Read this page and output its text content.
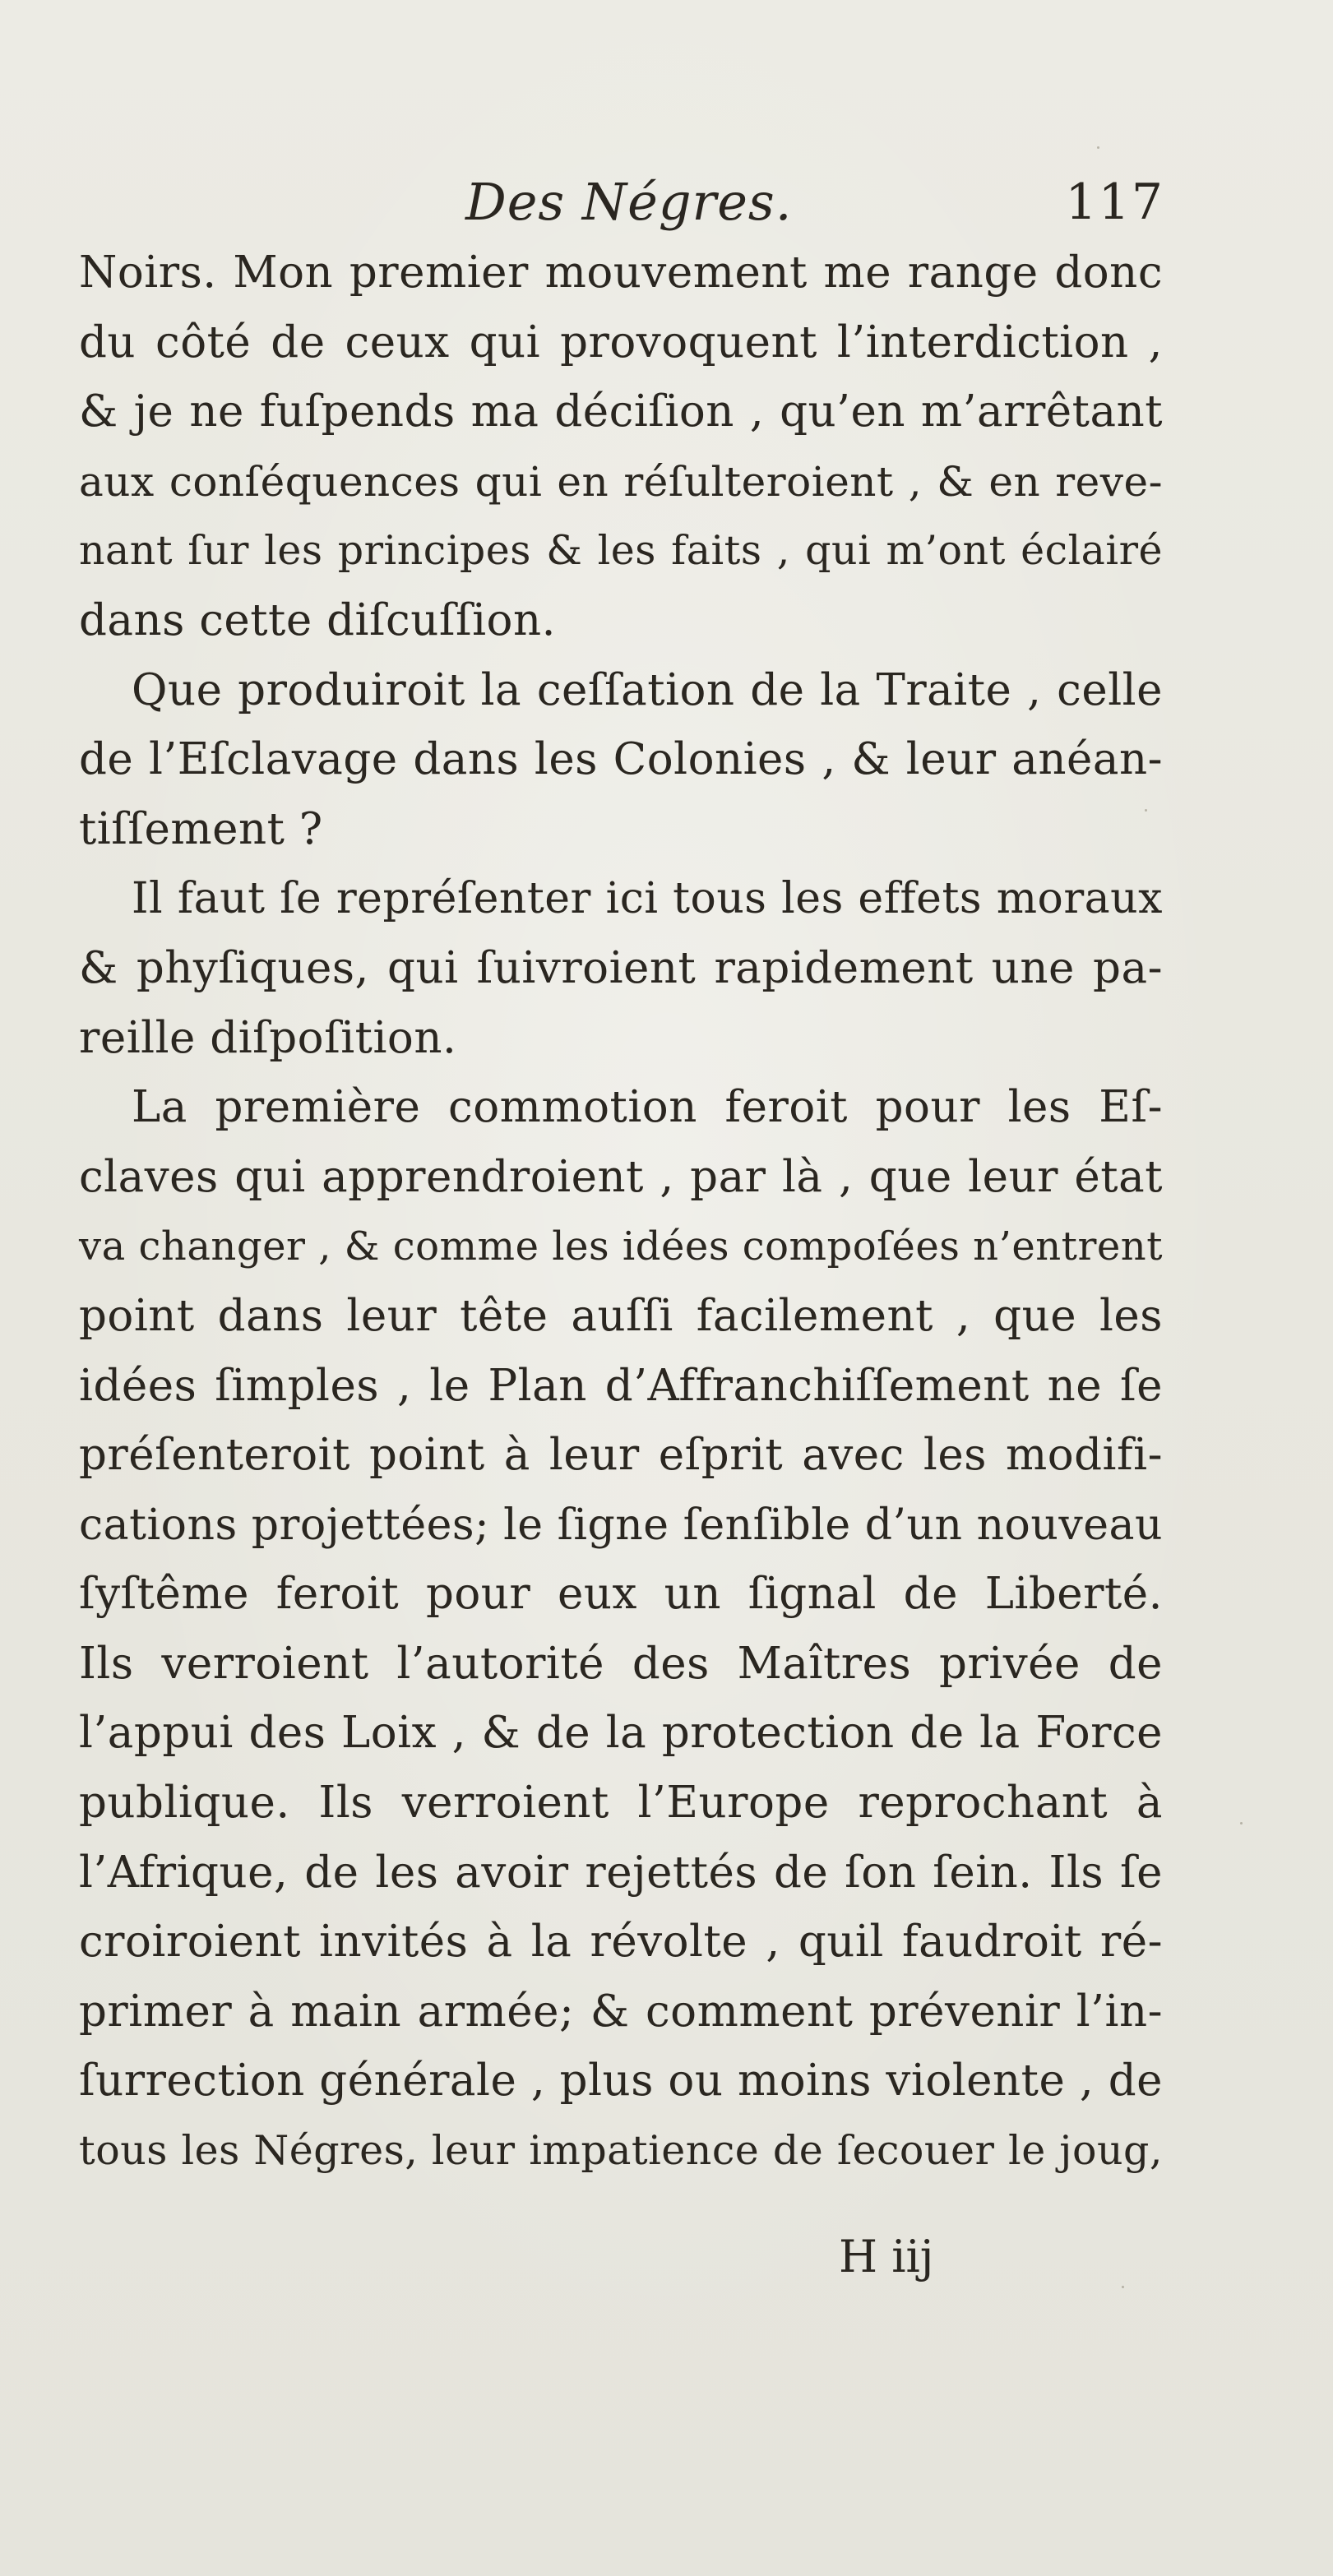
Des Négres.	117
Noirs. Mon premier mouvement me range donc
du côté de ceux qui provoquent l’interdiction ,
& je ne fuſpends ma déciſion , qu’en m’arrêtant
aux conſéquences qui en réſulteroient , & en reve-
nant ſur les principes & les faits , qui m’ont éclairé
dans cette diſcuſſion.
Que produiroit la ceſſation de la Traite , celle
de l’Eſclavage dans les Colonies , & leur anéan-
tiſſement ?
Il faut ſe repréſenter ici tous les effets moraux
& phyſiques, qui ſuivroient rapidement une pa-
reille diſpoſition.
La première commotion feroit pour les Eſ-
claves qui apprendroient , par là , que leur état
va changer , & comme les idées compoſées n’entrent
point dans leur tête auſſi facilement , que les
idées ſimples , le Plan d’Affranchiſſement ne ſe
préſenteroit point à leur eſprit avec les modifi-
cations projettées; le ſigne ſenſible d’un nouveau
ſyſtême feroit pour eux un ſignal de Liberté.
Ils verroient l’autorité des Maîtres privée de
l’appui des Loix , & de la protection de la Force
publique. Ils verroient l’Europe reprochant à
l’Afrique, de les avoir rejettés de ſon ſein. Ils ſe
croiroient invités à la révolte , quil faudroit ré-
primer à main armée; & comment prévenir l’in-
ſurrection générale , plus ou moins violente , de
tous les Négres, leur impatience de ſecouer le joug,
H iij
